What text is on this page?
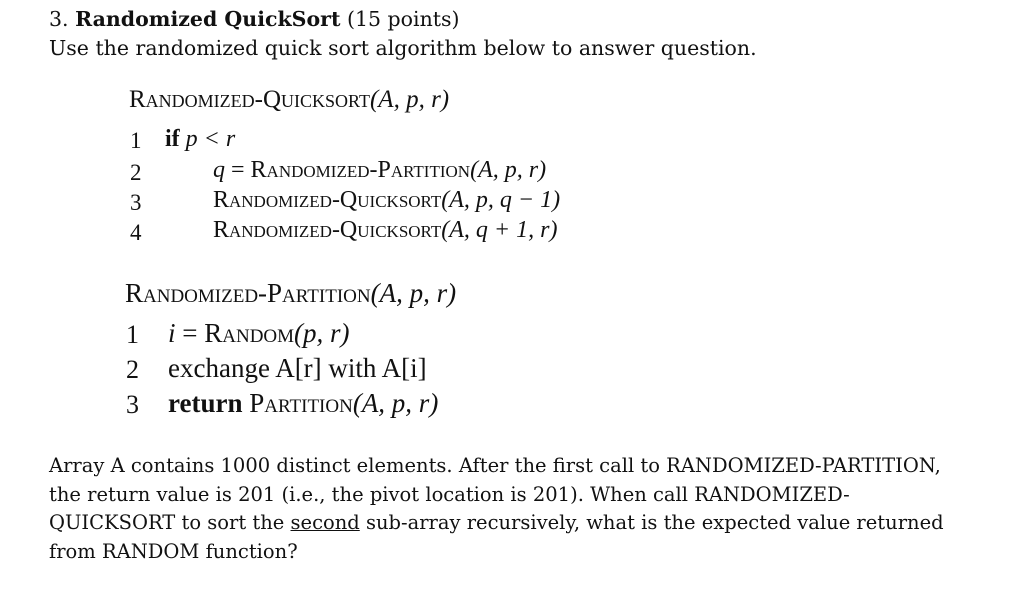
3. Randomized QuickSort (15 points)
Use the randomized quick sort algorithm below to answer question.
Randomized-Quicksort(A, p, r)
1 if p < r
2	q = Randomized-Partition(A, p, r)
3	Randomized-Quicksort(A, p, q − 1)
4	Randomized-Quicksort(A, q + 1, r)
Randomized-Partition(A, p, r)
1 i = Random(p, r)
2 exchange A[r] with A[i]
3 return Partition(A, p, r)
Array A contains 1000 distinct elements. After the first call to RANDOMIZED-PARTITION, the return value is 201 (i.e., the pivot location is 201). When call RANDOMIZED-QUICKSORT to sort the second sub-array recursively, what is the expected value returned from RANDOM function?
